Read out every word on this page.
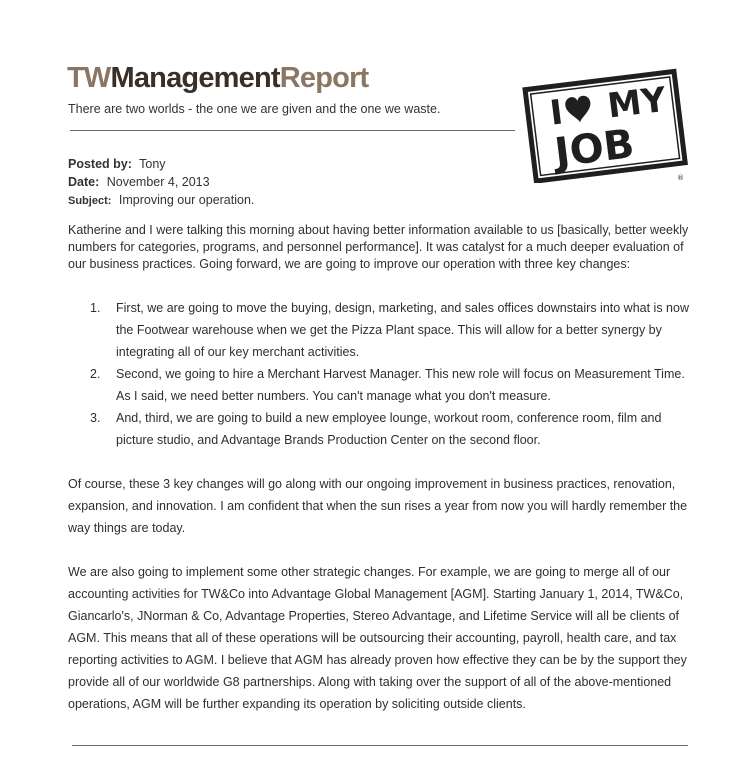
TWManagementReport
There are two worlds - the one we are given and the one we waste.	I MY
JOB
®
Posted by: Tony
Date: November 4, 2013
Subject: Improving our operation.
Katherine and I were talking this morning about having better information available to us [basically, better weekly numbers for categories, programs, and personnel performance]. It was catalyst for a much deeper evaluation of our business practices. Going forward, we are going to improve our operation with three key changes:
1. First, we are going to move the buying, design, marketing, and sales offices downstairs into what is now the Footwear warehouse when we get the Pizza Plant space. This will allow for a better synergy by integrating all of our key merchant activities.
2. Second, we going to hire a Merchant Harvest Manager. This new role will focus on Measurement Time. As I said, we need better numbers. You can't manage what you don't measure.
3. And, third, we are going to build a new employee lounge, workout room, conference room, film and picture studio, and Advantage Brands Production Center on the second floor.
Of course, these 3 key changes will go along with our ongoing improvement in business practices, renovation, expansion, and innovation. I am confident that when the sun rises a year from now you will hardly remember the way things are today.
We are also going to implement some other strategic changes. For example, we are going to merge all of our accounting activities for TW&Co into Advantage Global Management [AGM]. Starting January 1, 2014, TW&Co, Giancarlo's, JNorman & Co, Advantage Properties, Stereo Advantage, and Lifetime Service will all be clients of AGM. This means that all of these operations will be outsourcing their accounting, payroll, health care, and tax reporting activities to AGM. I believe that AGM has already proven how effective they can be by the support they provide all of our worldwide G8 partnerships. Along with taking over the support of all of the above-mentioned operations, AGM will be further expanding its operation by soliciting outside clients.
